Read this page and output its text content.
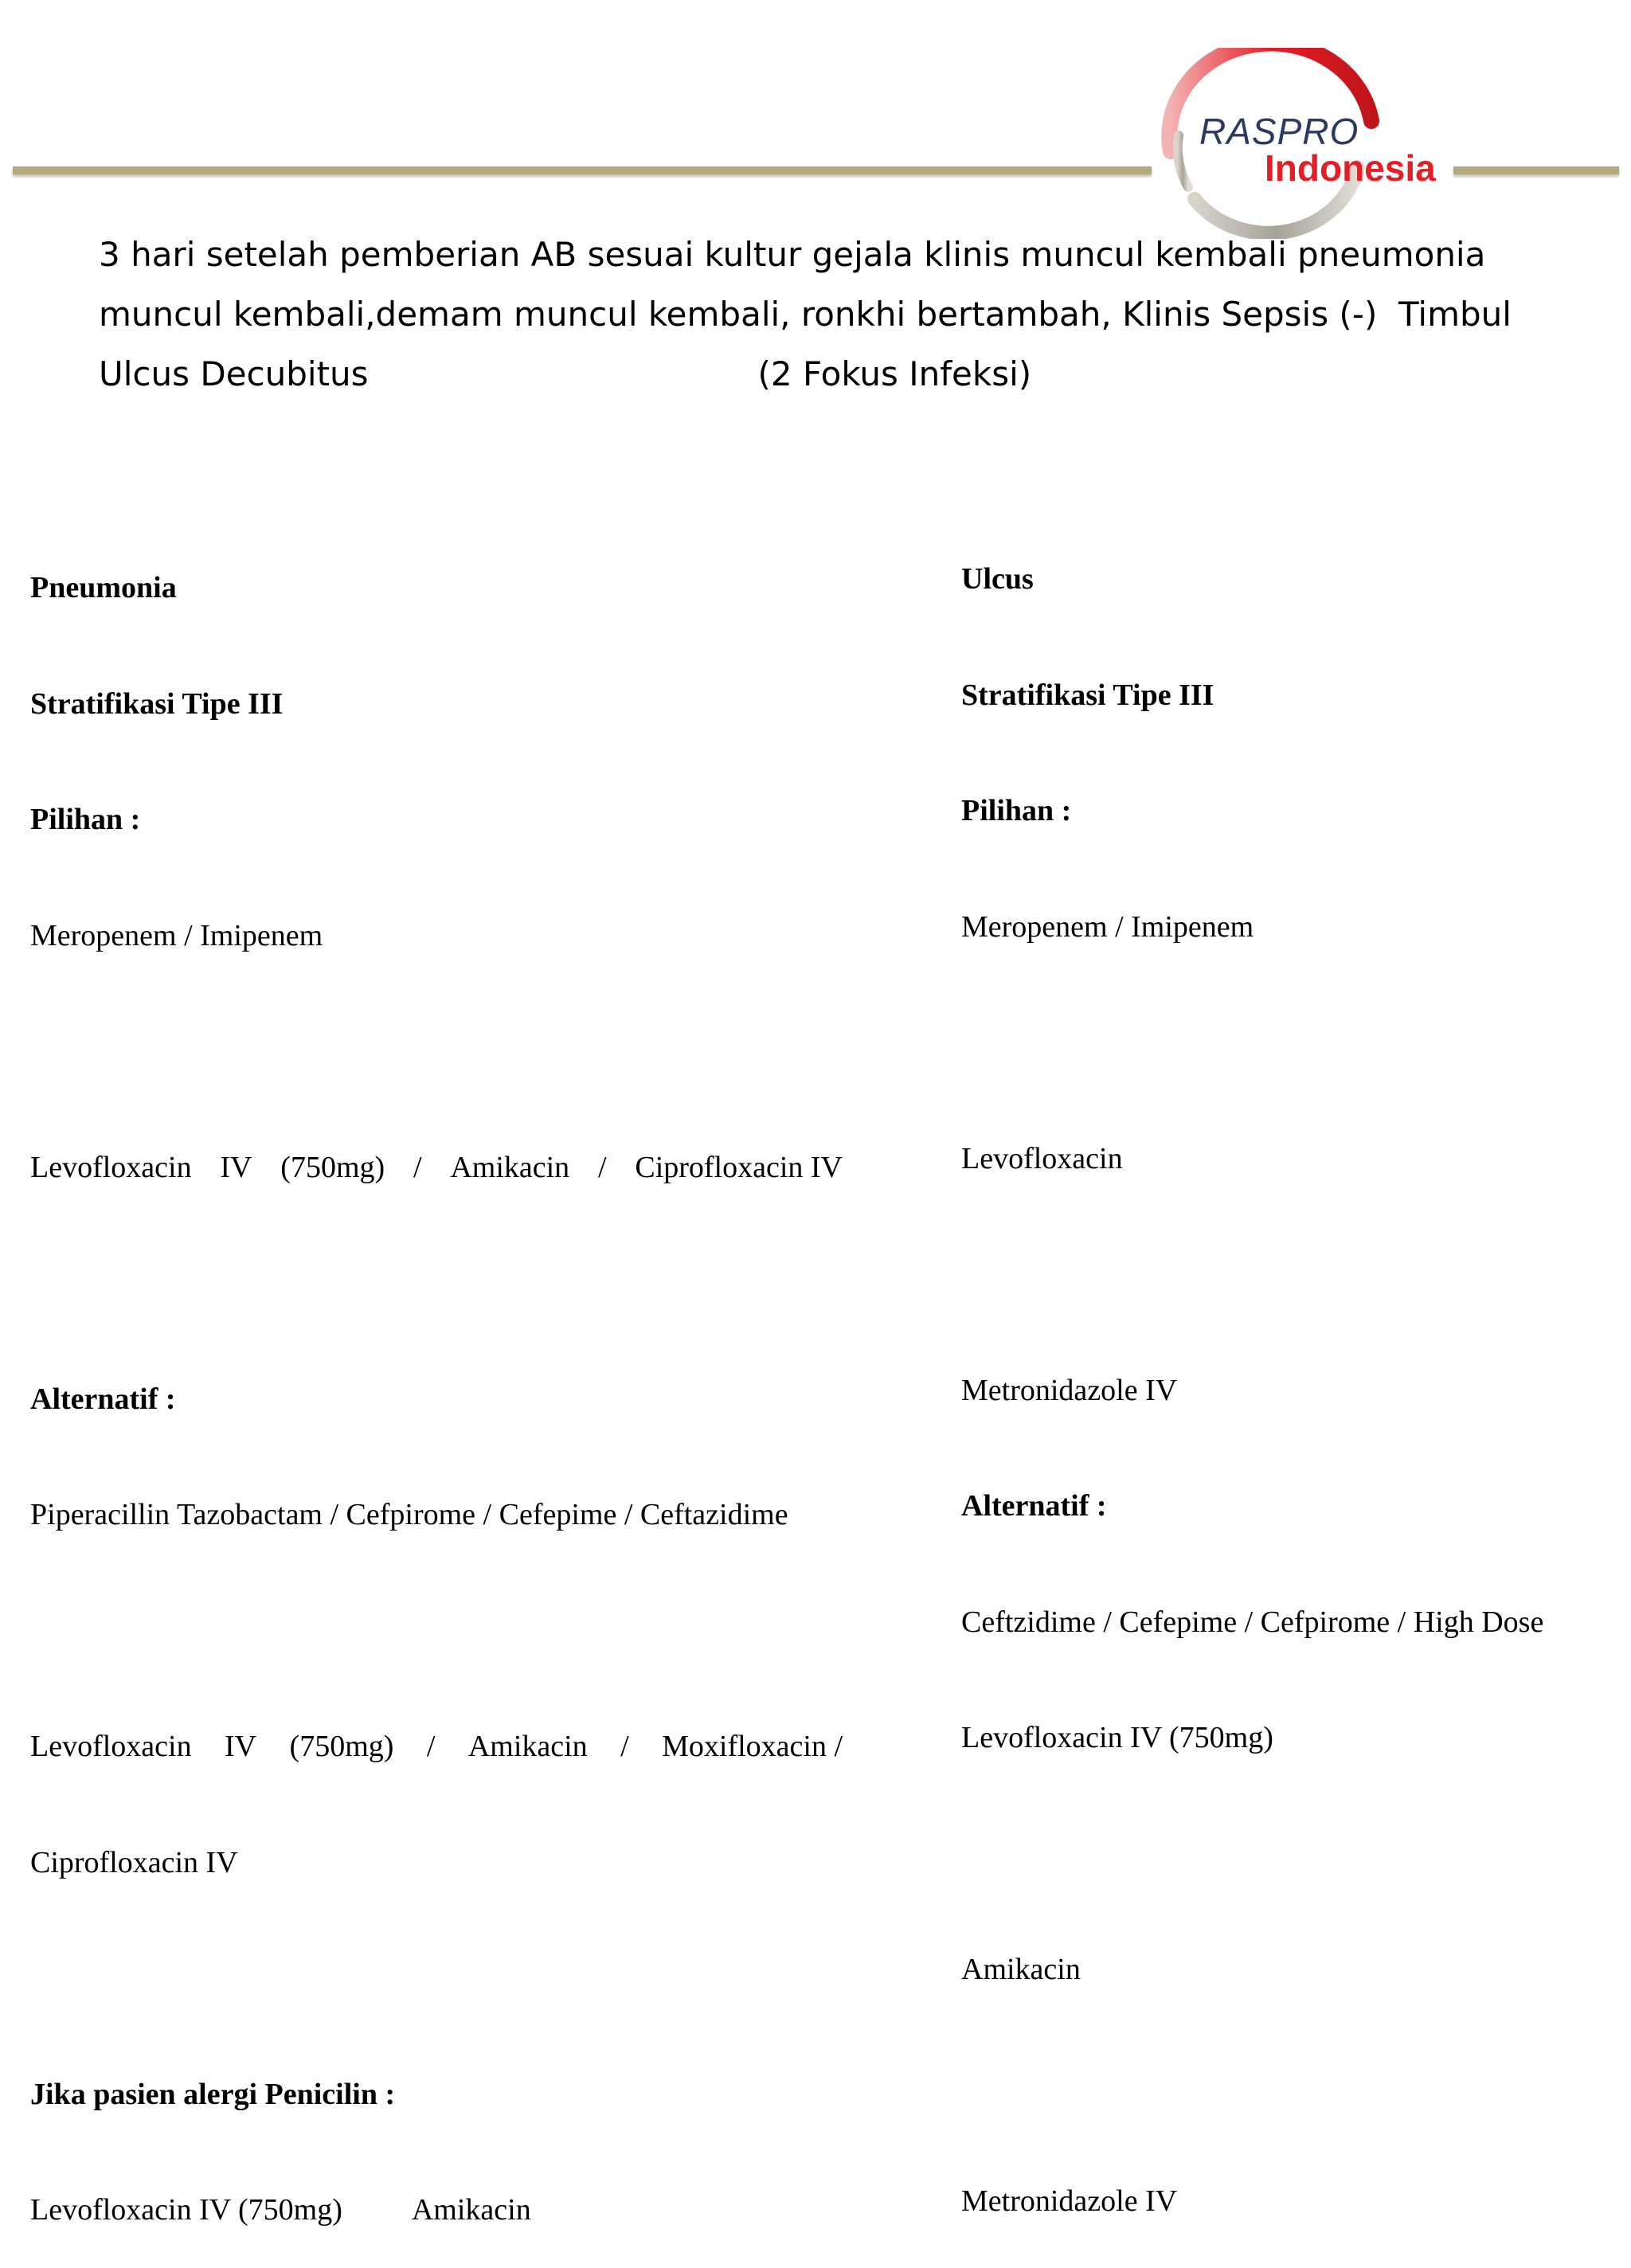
RASPRO
Indonesia
3 hari setelah pemberian AB sesuai kultur gejala klinis muncul kembali pneumonia
muncul kembali,demam muncul kembali, ronkhi bertambah, Klinis Sepsis (-)  Timbul
Ulcus Decubitus	(2 Fokus Infeksi)

Pneumonia

Stratifikasi Tipe III

Pilihan :

Meropenem / Imipenem

Levofloxacin IV (750mg) / Amikacin / Ciprofloxacin IV

Alternatif :

Piperacillin Tazobactam / Cefpirome / Cefepime / Ceftazidime

Levofloxacin IV (750mg) / Amikacin / Moxifloxacin /

Ciprofloxacin IV

Jika pasien alergi Penicilin :

Levofloxacin IV (750mg) Amikacin

Ulcus

Stratifikasi Tipe III

Pilihan :

Meropenem / Imipenem

Levofloxacin

Metronidazole IV

Alternatif :

Ceftzidime / Cefepime / Cefpirome / High Dose

Levofloxacin IV (750mg)

Amikacin

Metronidazole IV
